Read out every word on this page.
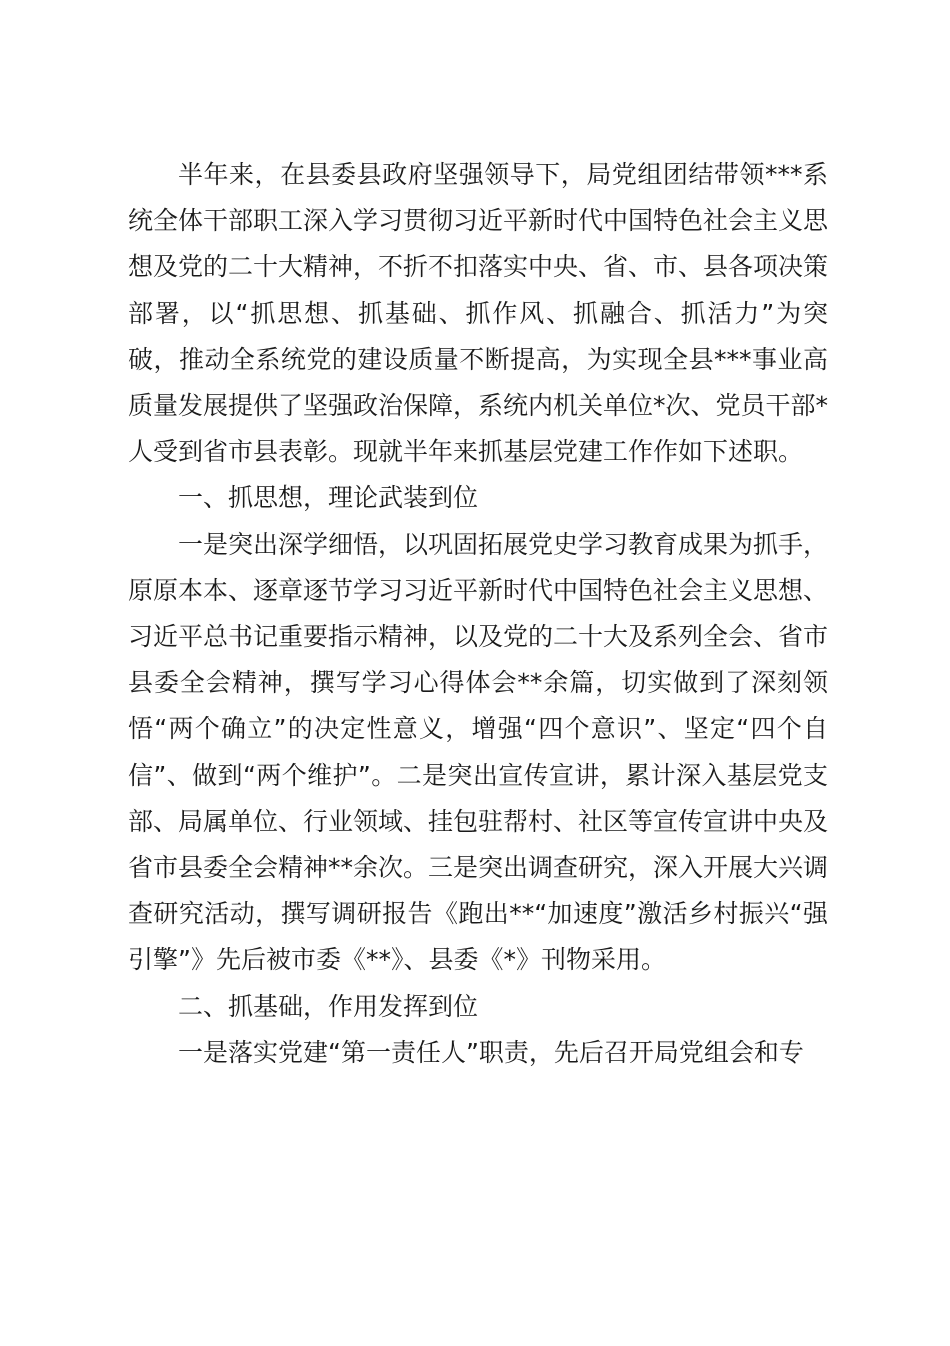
半年来，在县委县政府坚强领导下，局党组团结带领***系统全体干部职工深入学习贯彻习近平新时代中国特色社会主义思想及党的二十大精神，不折不扣落实中央、省、市、县各项决策部署，以“抓思想、抓基础、抓作风、抓融合、抓活力”为突破，推动全系统党的建设质量不断提高，为实现全县***事业高质量发展提供了坚强政治保障，系统内机关单位*次、党员干部*人受到省市县表彰。现就半年来抓基层党建工作作如下述职。

一、抓思想，理论武装到位

一是突出深学细悟，以巩固拓展党史学习教育成果为抓手，原原本本、逐章逐节学习习近平新时代中国特色社会主义思想、习近平总书记重要指示精神，以及党的二十大及系列全会、省市县委全会精神，撰写学习心得体会**余篇，切实做到了深刻领悟“两个确立”的决定性意义，增强“四个意识”、坚定“四个自信”、做到“两个维护”。二是突出宣传宣讲，累计深入基层党支部、局属单位、行业领域、挂包驻帮村、社区等宣传宣讲中央及省市县委全会精神**余次。三是突出调查研究，深入开展大兴调查研究活动，撰写调研报告《跑出**“加速度”激活乡村振兴“强引擎”》先后被市委《**》、县委《*》刊物采用。

二、抓基础，作用发挥到位

一是落实党建“第一责任人”职责，先后召开局党组会和专
